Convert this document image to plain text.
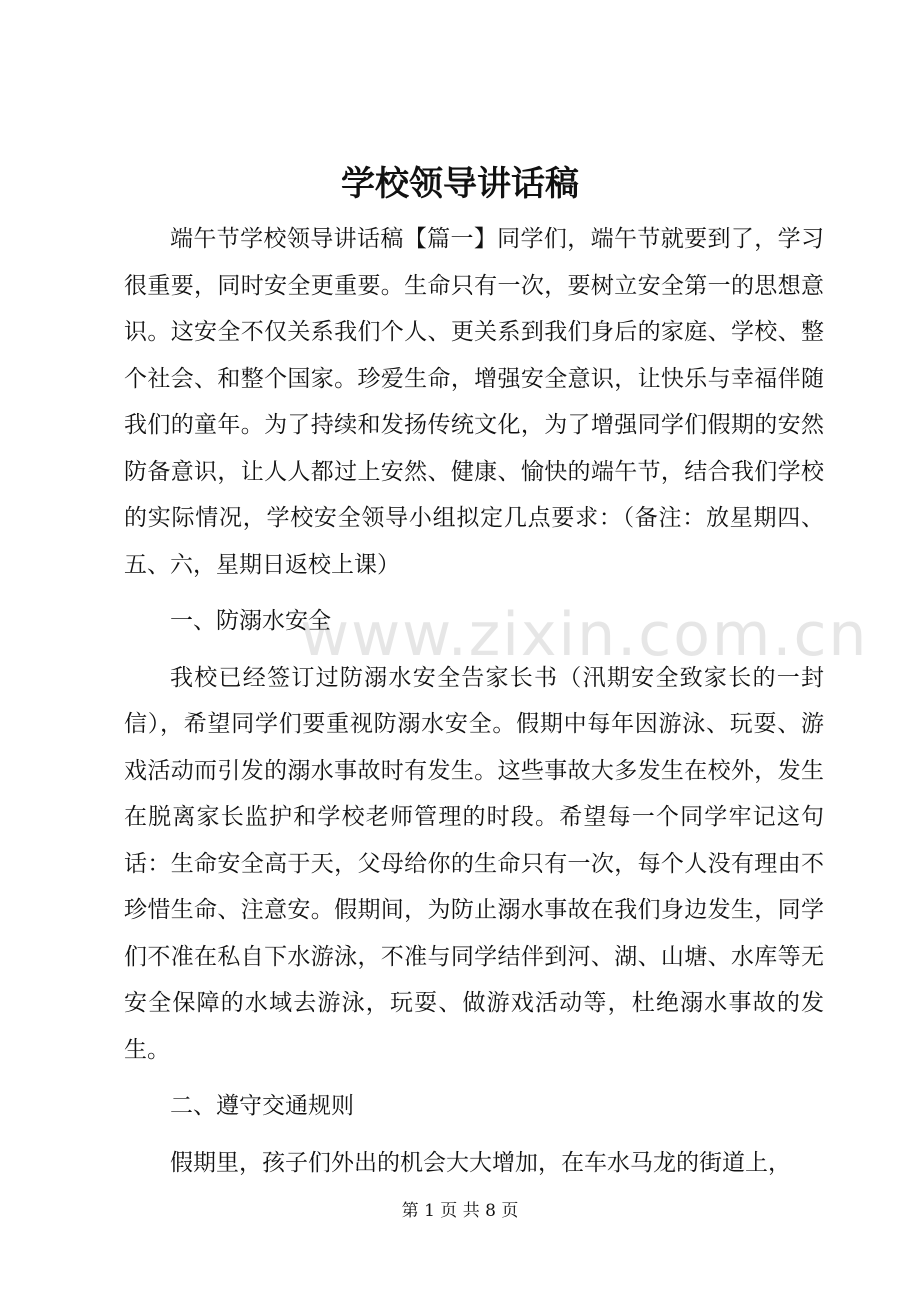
www.zixin.com.cn
学校领导讲话稿

端午节学校领导讲话稿【篇一】同学们，端午节就要到了，学习很重要，同时安全更重要。生命只有一次，要树立安全第一的思想意识。这安全不仅关系我们个人、更关系到我们身后的家庭、学校、整个社会、和整个国家。珍爱生命，增强安全意识，让快乐与幸福伴随我们的童年。为了持续和发扬传统文化，为了增强同学们假期的安然防备意识，让人人都过上安然、健康、愉快的端午节，结合我们学校的实际情况，学校安全领导小组拟定几点要求：（备注：放星期四、五、六，星期日返校上课）

一、防溺水安全

我校已经签订过防溺水安全告家长书（汛期安全致家长的一封信），希望同学们要重视防溺水安全。假期中每年因游泳、玩耍、游戏活动而引发的溺水事故时有发生。这些事故大多发生在校外，发生在脱离家长监护和学校老师管理的时段。希望每一个同学牢记这句话：生命安全高于天，父母给你的生命只有一次，每个人没有理由不珍惜生命、注意安。假期间，为防止溺水事故在我们身边发生，同学们不准在私自下水游泳，不准与同学结伴到河、湖、山塘、水库等无安全保障的水域去游泳，玩耍、做游戏活动等，杜绝溺水事故的发生。

二、遵守交通规则

假期里，孩子们外出的机会大大增加，在车水马龙的街道上，

第 1 页 共 8 页
